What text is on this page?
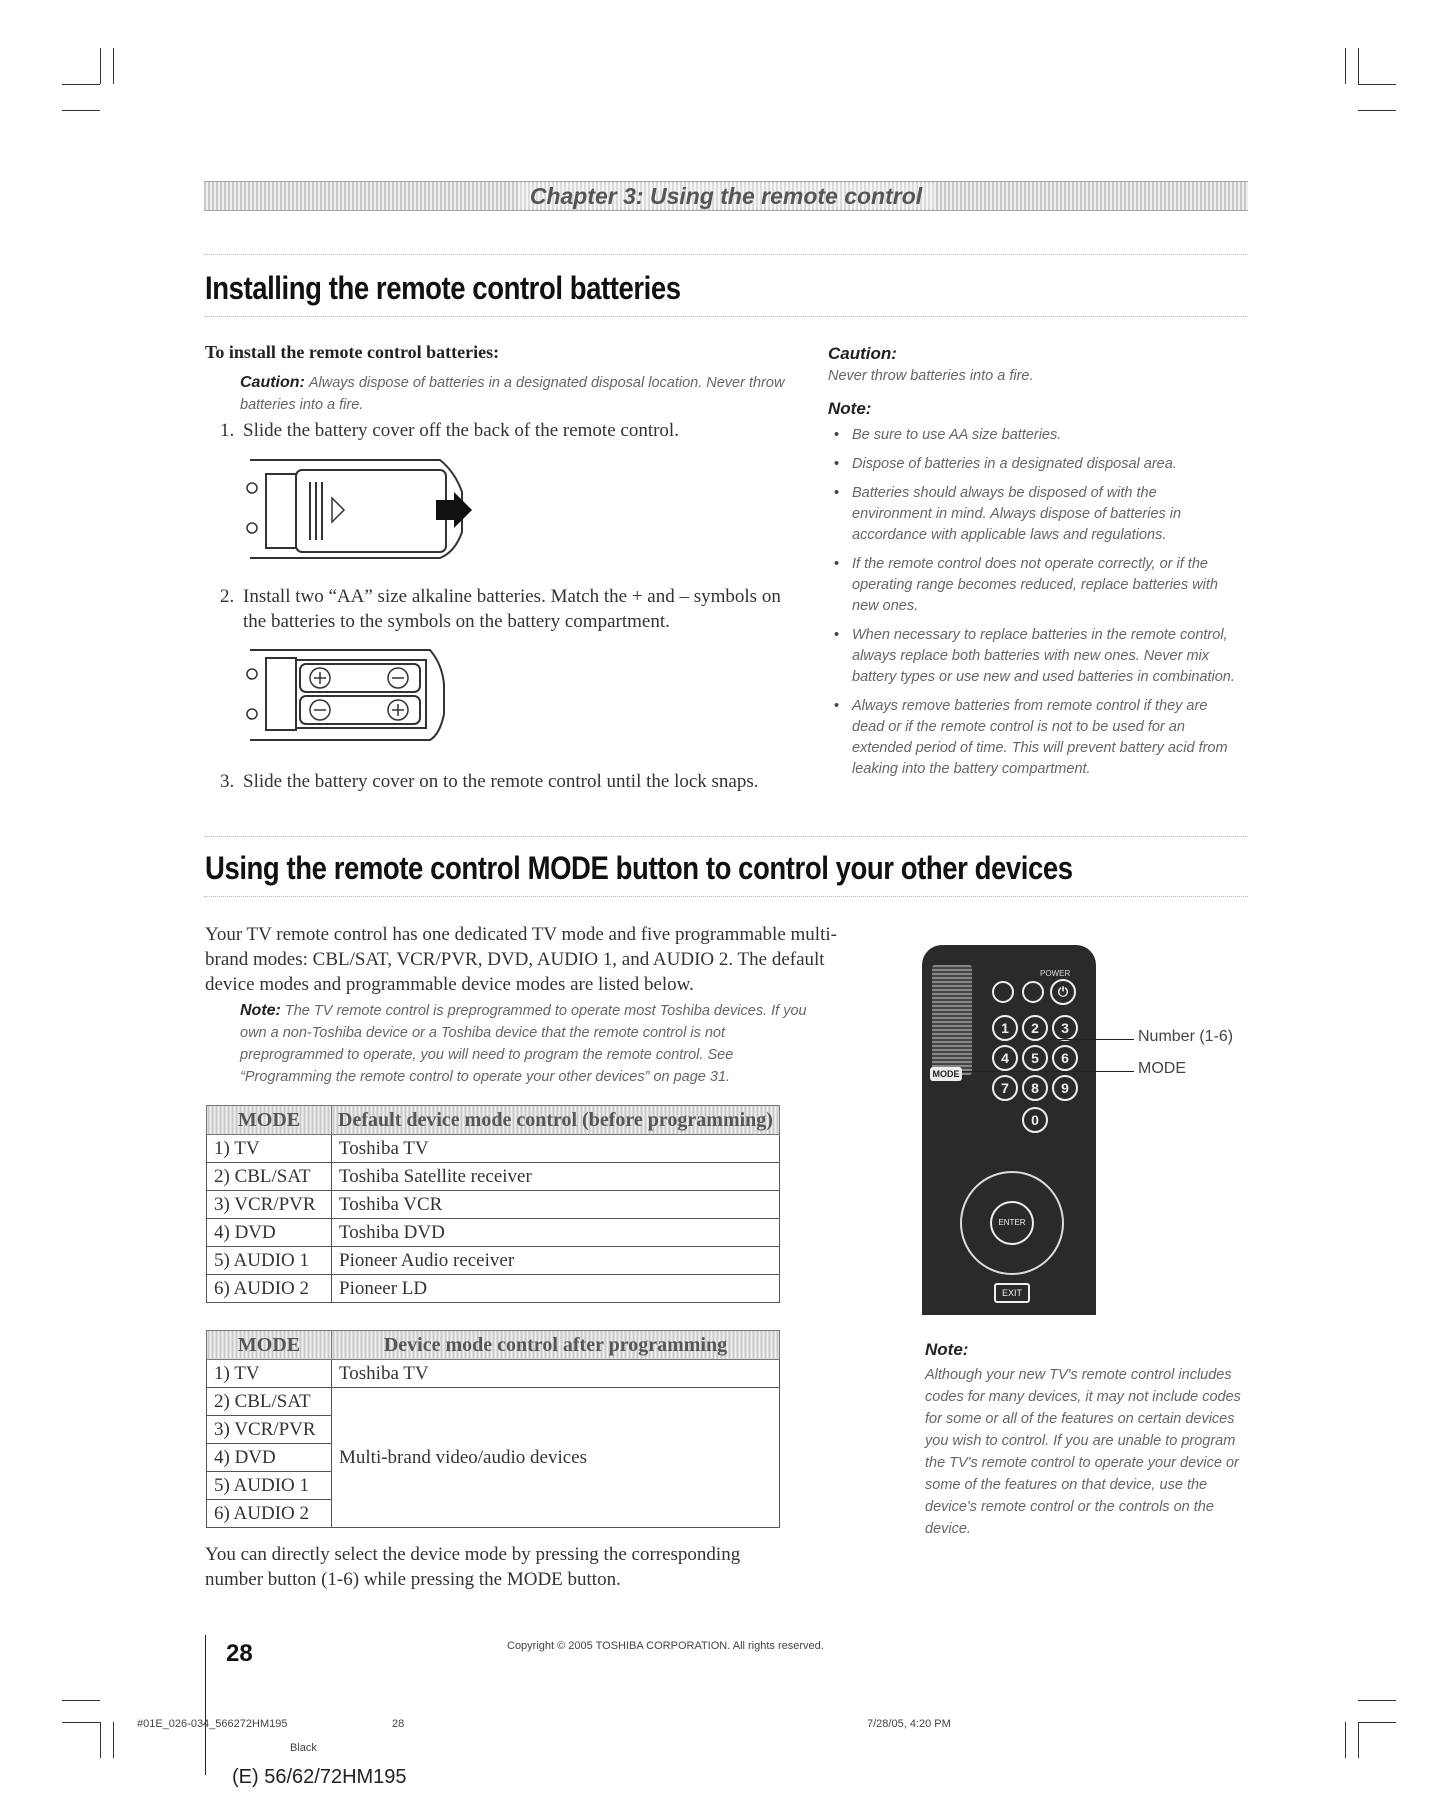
Chapter 3: Using the remote control
Installing the remote control batteries
To install the remote control batteries:
Caution: Always dispose of batteries in a designated disposal location. Never throw batteries into a fire.
1. Slide the battery cover off the back of the remote control.
2. Install two “AA” size alkaline batteries. Match the + and – symbols on the batteries to the symbols on the battery compartment.
3. Slide the battery cover on to the remote control until the lock snaps.
Caution:
Never throw batteries into a fire.
Note:
• Be sure to use AA size batteries.
• Dispose of batteries in a designated disposal area.
• Batteries should always be disposed of with the environment in mind. Always dispose of batteries in accordance with applicable laws and regulations.
• If the remote control does not operate correctly, or if the operating range becomes reduced, replace batteries with new ones.
• When necessary to replace batteries in the remote control, always replace both batteries with new ones. Never mix battery types or use new and used batteries in combination.
• Always remove batteries from remote control if they are dead or if the remote control is not to be used for an extended period of time. This will prevent battery acid from leaking into the battery compartment.
Using the remote control MODE button to control your other devices
Your TV remote control has one dedicated TV mode and five programmable multi-brand modes: CBL/SAT, VCR/PVR, DVD, AUDIO 1, and AUDIO 2. The default device modes and programmable device modes are listed below.
Note: The TV remote control is preprogrammed to operate most Toshiba devices. If you own a non-Toshiba device or a Toshiba device that the remote control is not preprogrammed to operate, you will need to program the remote control. See “Programming the remote control to operate your other devices” on page 31.
MODE	Default device mode control (before programming)
1) TV	Toshiba TV
2) CBL/SAT	Toshiba Satellite receiver
3) VCR/PVR	Toshiba VCR
4) DVD	Toshiba DVD
5) AUDIO 1	Pioneer Audio receiver
6) AUDIO 2	Pioneer LD
MODE	Device mode control after programming
1) TV	Toshiba TV
2) CBL/SAT	Multi-brand video/audio devices
3) VCR/PVR	
4) DVD	
5) AUDIO 1	
6) AUDIO 2	
You can directly select the device mode by pressing the corresponding number button (1-6) while pressing the MODE button.
MODE
POWER
⏻
1	2	3
4	5	6
7	8	9
0
ENTER
EXIT
Number (1-6)
MODE
Note:
Although your new TV's remote control includes codes for many devices, it may not include codes for some or all of the features on certain devices you wish to control. If you are unable to program the TV's remote control to operate your device or some of the features on that device, use the device's remote control or the controls on the device.
28	Copyright © 2005 TOSHIBA CORPORATION. All rights reserved.
#01E_026-034_566272HM195	28	7/28/05, 4:20 PM
Black
(E) 56/62/72HM195
